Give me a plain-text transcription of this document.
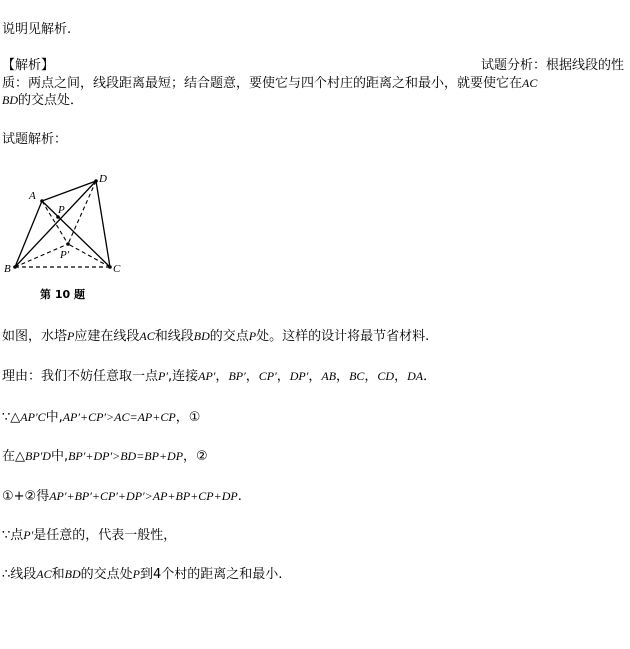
说明见解析.
【解析】	试题分析：根据线段的性
质：两点之间，线段距离最短；结合题意，要使它与四个村庄的距离之和最小，就要使它在AC
BD的交点处．
试题解析：
A
D
B	C
P
P′
第 10 题
如图，水塔P应建在线段AC和线段BD的交点P处。这样的设计将最节省材料.
理由：我们不妨任意取一点P′,连接AP′，BP′，CP′，DP′，AB，BC，CD，DA．
∵△AP′C中,AP′+CP′>AC=AP+CP，①
在△BP′D中,BP′+DP′>BD=BP+DP，②
①+②得AP′+BP′+CP′+DP′>AP+BP+CP+DP.
∵点P′是任意的，代表一般性，
∴线段AC和BD的交点处P到4个村的距离之和最小.
